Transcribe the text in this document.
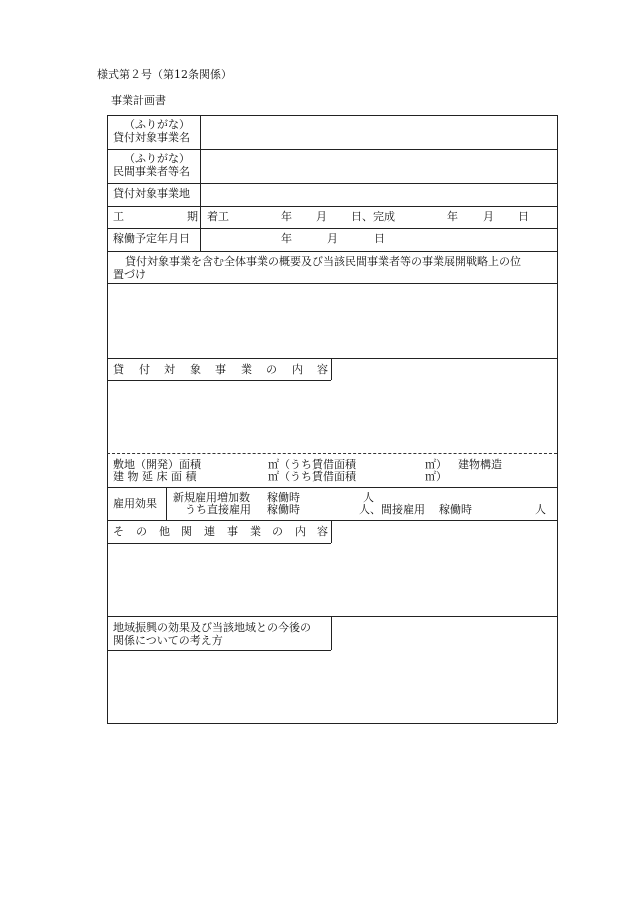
様式第２号（第12条関係）
事業計画書
（ふりがな）
貸付対象事業名
（ふりがな）
民間事業者等名
貸付対象事業地
工	期 着工	年 月 日、完成	年 月 日
稼働予定年月日	年	月	日
貸付対象事業を含む全体事業の概要及び当該民間事業者等の事業展開戦略上の位
置づけ
貸 付 対 象 事 業 の 内 容
敷地（開発）面積	㎡（うち賃借面積	㎡） 建物構造
建 物 延 床 面 積	㎡（うち賃借面積	㎡）
雇用効果 新規雇用増加数 稼働時	人
うち直接雇用 稼働時	人、間接雇用 稼働時	人
そ の 他 関 連 事 業 の 内 容
地域振興の効果及び当該地域との今後の
関係についての考え方
